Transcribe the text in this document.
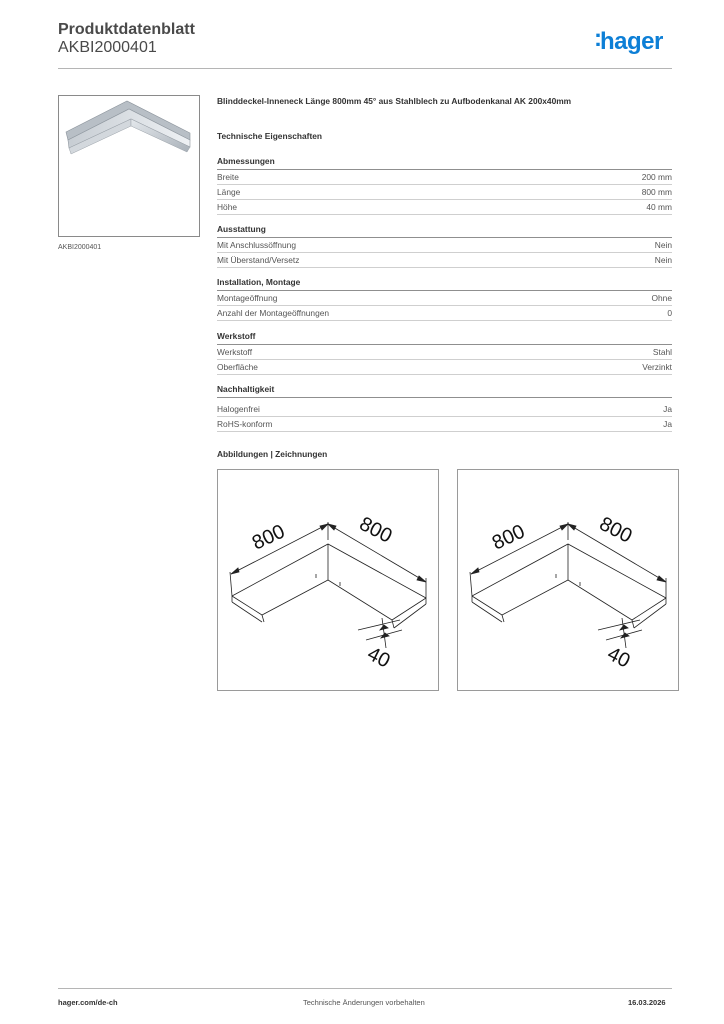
Produktdatenblatt
AKBI2000401	:hager
AKBI2000401
Blinddeckel-Inneneck Länge 800mm 45° aus Stahlblech zu Aufbodenkanal AK 200x40mm
Technische Eigenschaften
Abmessungen
Breite	200 mm
Länge	800 mm
Höhe	40 mm
Ausstattung
Mit Anschlussöffnung	Nein
Mit Überstand/Versetz	Nein
Installation, Montage
Montageöffnung	Ohne
Anzahl der Montageöffnungen	0
Werkstoff
Werkstoff	Stahl
Oberfläche	Verzinkt
Nachhaltigkeit
Halogenfrei	Ja
RoHS-konform	Ja
Abbildungen | Zeichnungen
800	800
40
800	800
40
hager.com/de-ch	Technische Änderungen vorbehalten	16.03.2026
